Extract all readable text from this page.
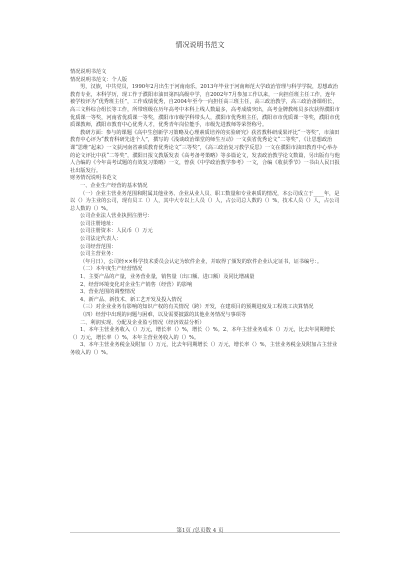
情况说明书范文

情况说明书范文

情况说明书范文：个人版

男，汉族，中共党员，1990年2月出生于河南南乐，2013年毕业于河南师范大学政治管理与科学学院，思想政治教育专业，本科学历，现工作于濮阳市油田第四高级中学，自2002年7月参加工作以来，一向担任班主任工作，连年被学校评为“优秀班主任”，工作成绩优秀，自2004年至今一向担任高三班主任，高三政治教学，高三政治备课组长，高三文科综合组长等工作，所带班级在历年高考中本科上线人数最多，高考成绩突出，高考金牌教练员多次获得濮阳市优质课一等奖，河南省优质课一等奖，濮阳市市级学科带头人，濮阳市优秀班主任，濮阳市市优质课一等奖，濮阳市优质课教师，濮阳市教育中心优秀人才，优秀青年岗位能手，市级先进教师等荣誉称号。

教研方面：参与的课题《高中生创新学习策略及心理素质培养的实验研究》获省教科研成果评比“一等奖”，市油田教育中心评为“教育科研先进个人”，撰写的《浅谈政治课堂的师生互动》一文获省优秀论文“二等奖”，《让思想政治课“思维”起来》一文获河南省素质教育优秀论文“三等奖”，《高三政治复习教学反思》一文在濮阳市油田教育中心举办的论文评比中获“二等奖”，濮阳日报文教版发表《高考备考策略》等多篇论文，发表政治教学论文数篇，另出版有与他人合编的《今年高考试题的有效复习策略》一文，曾获《中学政治教学参考》一文，合编《收获季节》一书由人民日报社出版发行。

财务情况说明书范文

一、企业生产经营的基本情况

（一）企业主营业务范围和附属其他业务、企业从业人员、职工数量和专业素质的情况，本公司成立于____年，是以（）为主业的公司，现有员工（）人，其中大专以上人员（）人，占公司总人数的（）%，技术人员（）人，占公司总人数的（）%。

公司企业法人营业执照注册号：

公司注册地址：

公司注册资本：人民币（）万元

公司法定代表人：

公司经营范围：

公司主营业务：

（年月日），公司经××科学技术委员会认定为软件企业，并取得了颁发的软件企业认定证书，证书编号：。

（二）本年度生产经营情况

1、主要产品的产量，业务营业量，销售量（出口额、进口额）及同比增减量

2、经营环境变化对企业生产销售（经营）的影响

3、营业范围的调整情况

4、新产品、新技术、新工艺开发及投入情况

（三）对企业业务有影响的知识产权的有关情况（跨）开发，在建项目的预期进度及工程竣工决算情况

（四）经营中出现的问题与困难，以及需要披露的其他业务情况与事项等

二、利润实现、分配及企业盈亏情况（经济效益分析）

1、本年主营业务收入（）万元，增长率（）%，增长（）%。2、本年主营业务成本（）万元，比去年同期增长（）万元，增长率（）%，本年主营业务收入的（）%。

3、本年主营业务税金及附加（）万元，比去年同期增长（）万元，增长率（）%，主营业务税金及附加占主营业务收入的（）%。

第1页 /总页数 4 页
